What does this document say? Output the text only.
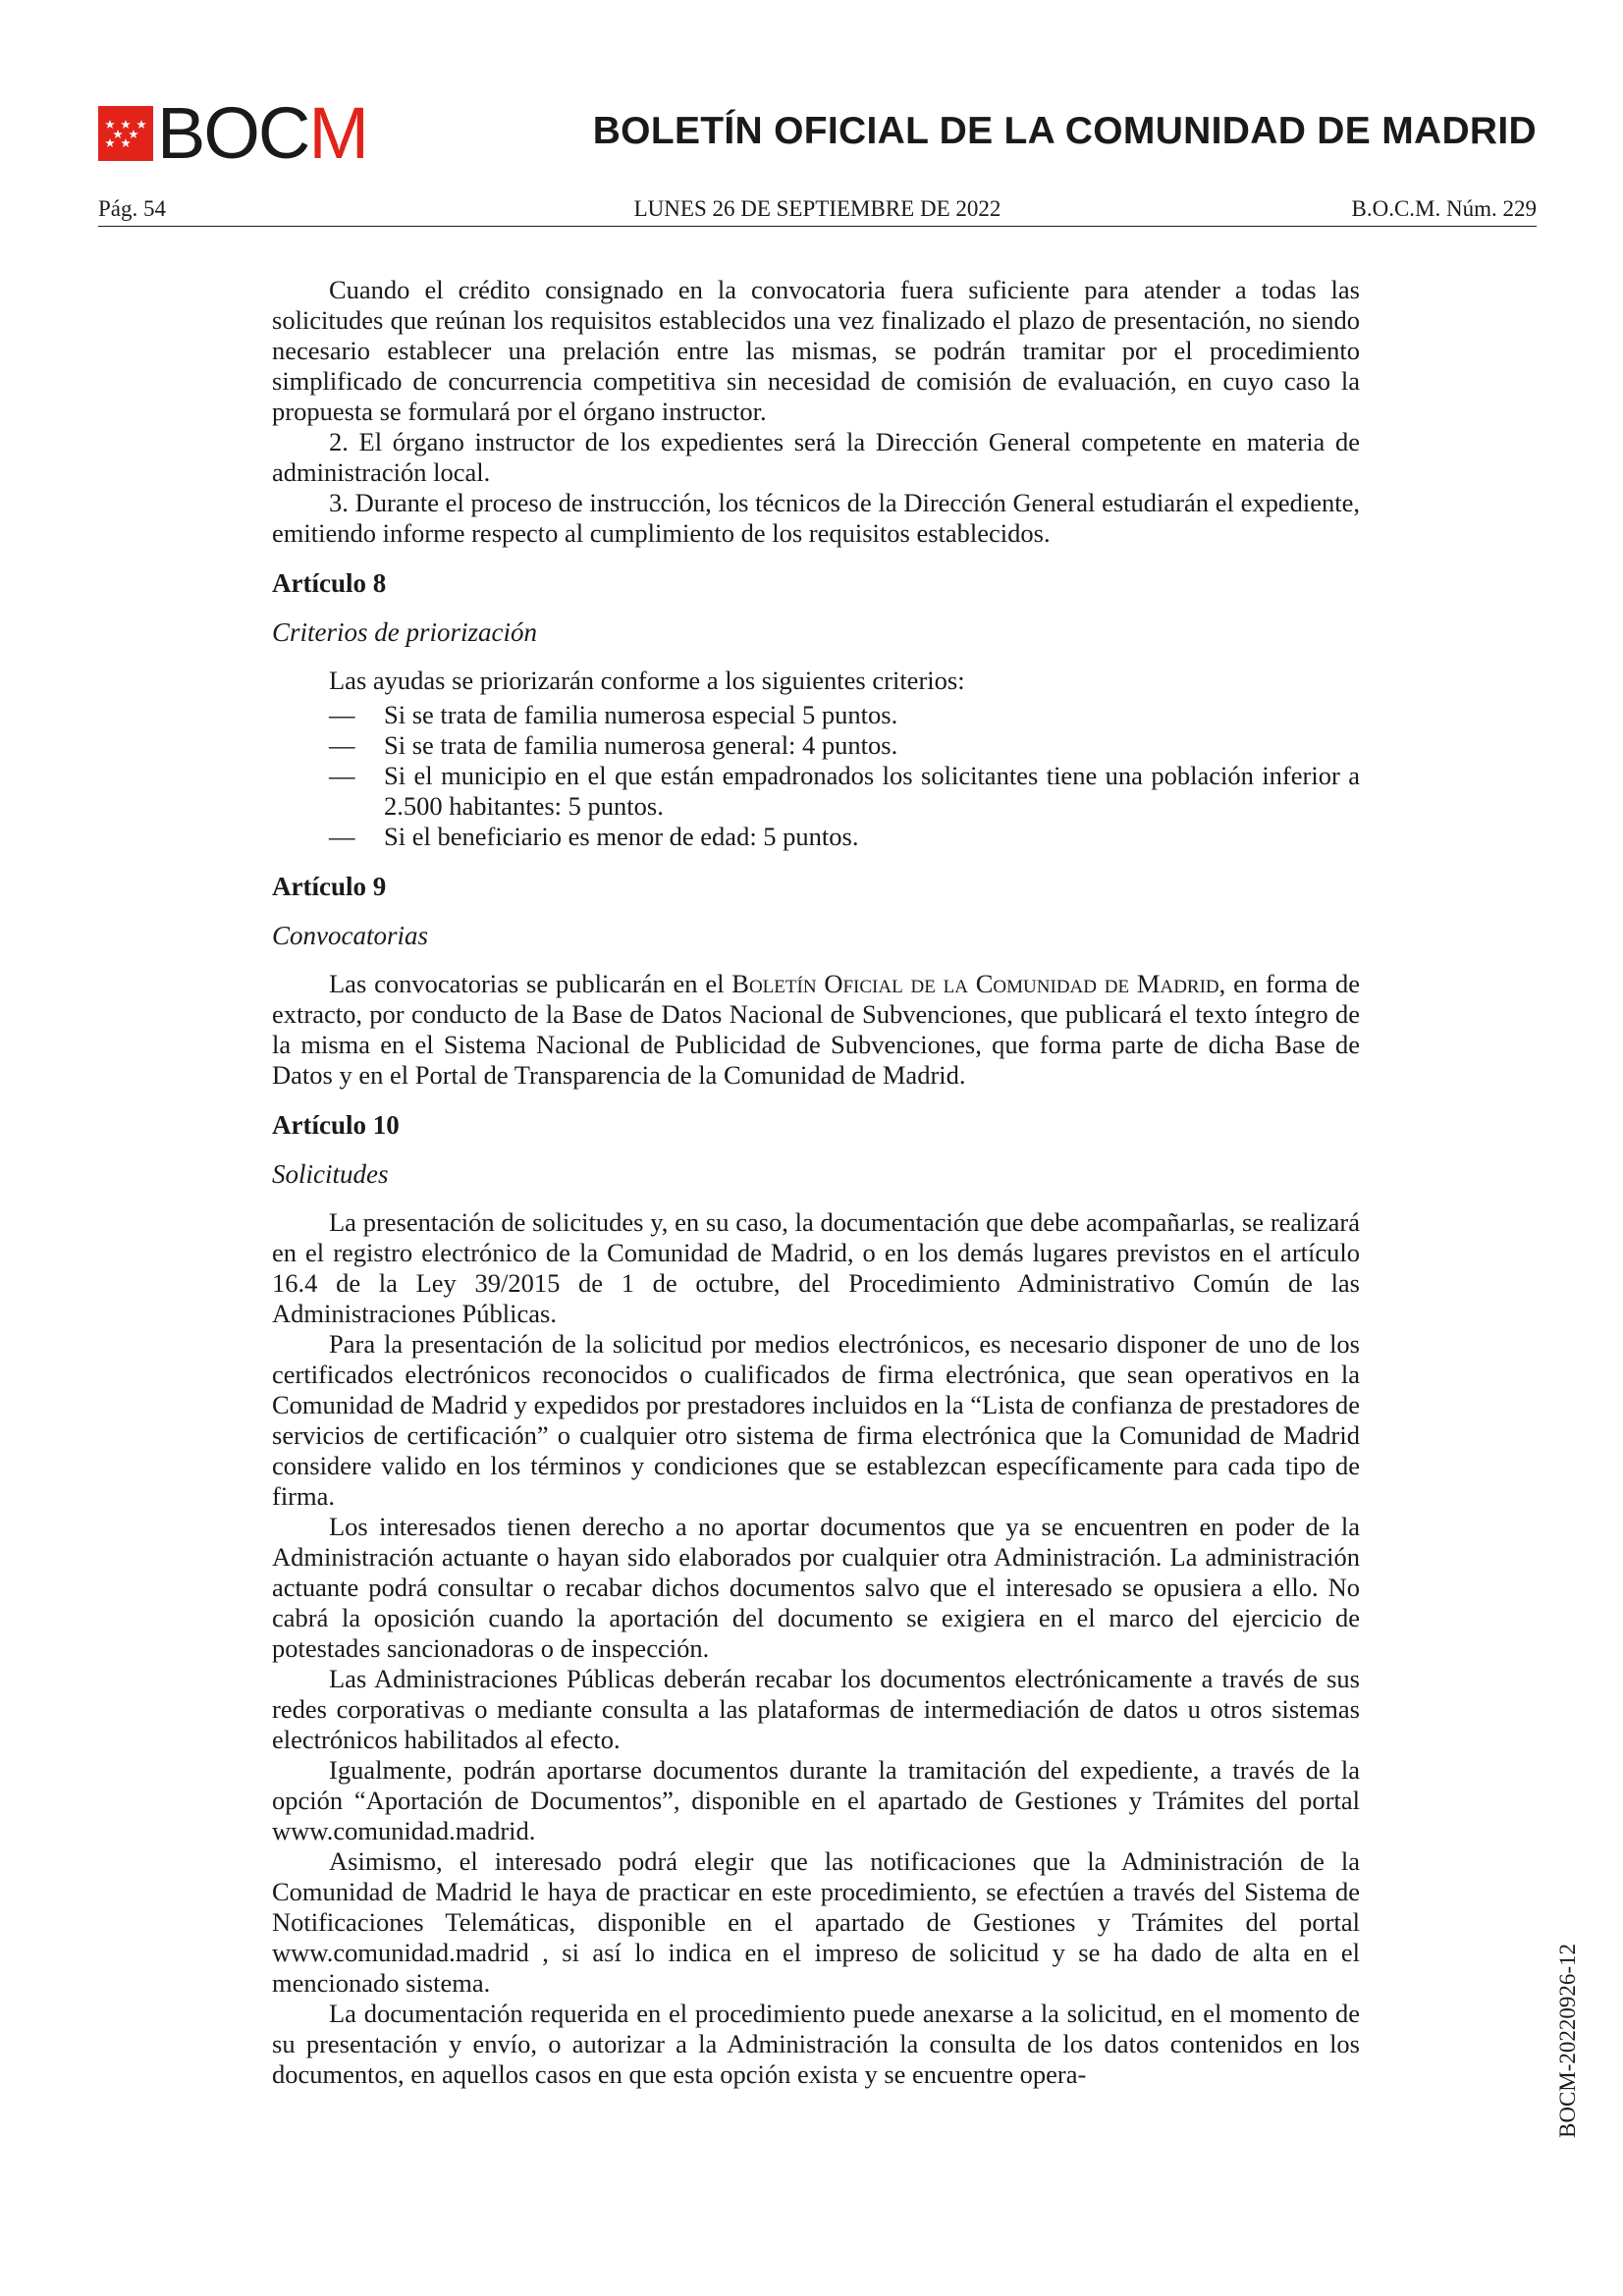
BOCM	BOLETÍN OFICIAL DE LA COMUNIDAD DE MADRID
LUNES 26 DE SEPTIEMBRE DE 2022
Pág. 54	B.O.C.M. Núm. 229

Cuando el crédito consignado en la convocatoria fuera suficiente para atender a todas las solicitudes que reúnan los requisitos establecidos una vez finalizado el plazo de presentación, no siendo necesario establecer una prelación entre las mismas, se podrán tramitar por el procedimiento simplificado de concurrencia competitiva sin necesidad de comisión de evaluación, en cuyo caso la propuesta se formulará por el órgano instructor.

2. El órgano instructor de los expedientes será la Dirección General competente en materia de administración local.

3. Durante el proceso de instrucción, los técnicos de la Dirección General estudiarán el expediente, emitiendo informe respecto al cumplimiento de los requisitos establecidos.

Artículo 8
Criterios de priorización

Las ayudas se priorizarán conforme a los siguientes criterios:

— Si se trata de familia numerosa especial 5 puntos.
— Si se trata de familia numerosa general: 4 puntos.
— Si el municipio en el que están empadronados los solicitantes tiene una población inferior a 2.500 habitantes: 5 puntos.
— Si el beneficiario es menor de edad: 5 puntos.
Artículo 9
Convocatorias

Las convocatorias se publicarán en el Boletín Oficial de la Comunidad de Madrid, en forma de extracto, por conducto de la Base de Datos Nacional de Subvenciones, que publicará el texto íntegro de la misma en el Sistema Nacional de Publicidad de Subvenciones, que forma parte de dicha Base de Datos y en el Portal de Transparencia de la Comunidad de Madrid.

Artículo 10
Solicitudes

La presentación de solicitudes y, en su caso, la documentación que debe acompañarlas, se realizará en el registro electrónico de la Comunidad de Madrid, o en los demás lugares previstos en el artículo 16.4 de la Ley 39/2015 de 1 de octubre, del Procedimiento Administrativo Común de las Administraciones Públicas.

Para la presentación de la solicitud por medios electrónicos, es necesario disponer de uno de los certificados electrónicos reconocidos o cualificados de firma electrónica, que sean operativos en la Comunidad de Madrid y expedidos por prestadores incluidos en la “Lista de confianza de prestadores de servicios de certificación” o cualquier otro sistema de firma electrónica que la Comunidad de Madrid considere valido en los términos y condiciones que se establezcan específicamente para cada tipo de firma.

Los interesados tienen derecho a no aportar documentos que ya se encuentren en poder de la Administración actuante o hayan sido elaborados por cualquier otra Administración. La administración actuante podrá consultar o recabar dichos documentos salvo que el interesado se opusiera a ello. No cabrá la oposición cuando la aportación del documento se exigiera en el marco del ejercicio de potestades sancionadoras o de inspección.

Las Administraciones Públicas deberán recabar los documentos electrónicamente a través de sus redes corporativas o mediante consulta a las plataformas de intermediación de datos u otros sistemas electrónicos habilitados al efecto.

Igualmente, podrán aportarse documentos durante la tramitación del expediente, a través de la opción “Aportación de Documentos”, disponible en el apartado de Gestiones y Trámites del portal www.comunidad.madrid.

Asimismo, el interesado podrá elegir que las notificaciones que la Administración de la Comunidad de Madrid le haya de practicar en este procedimiento, se efectúen a través del Sistema de Notificaciones Telemáticas, disponible en el apartado de Gestiones y Trámites del portal www.comunidad.madrid , si así lo indica en el impreso de solicitud y se ha dado de alta en el mencionado sistema.

La documentación requerida en el procedimiento puede anexarse a la solicitud, en el momento de su presentación y envío, o autorizar a la Administración la consulta de los datos contenidos en los documentos, en aquellos casos en que esta opción exista y se encuentre opera-	BOCM-20220926-12
